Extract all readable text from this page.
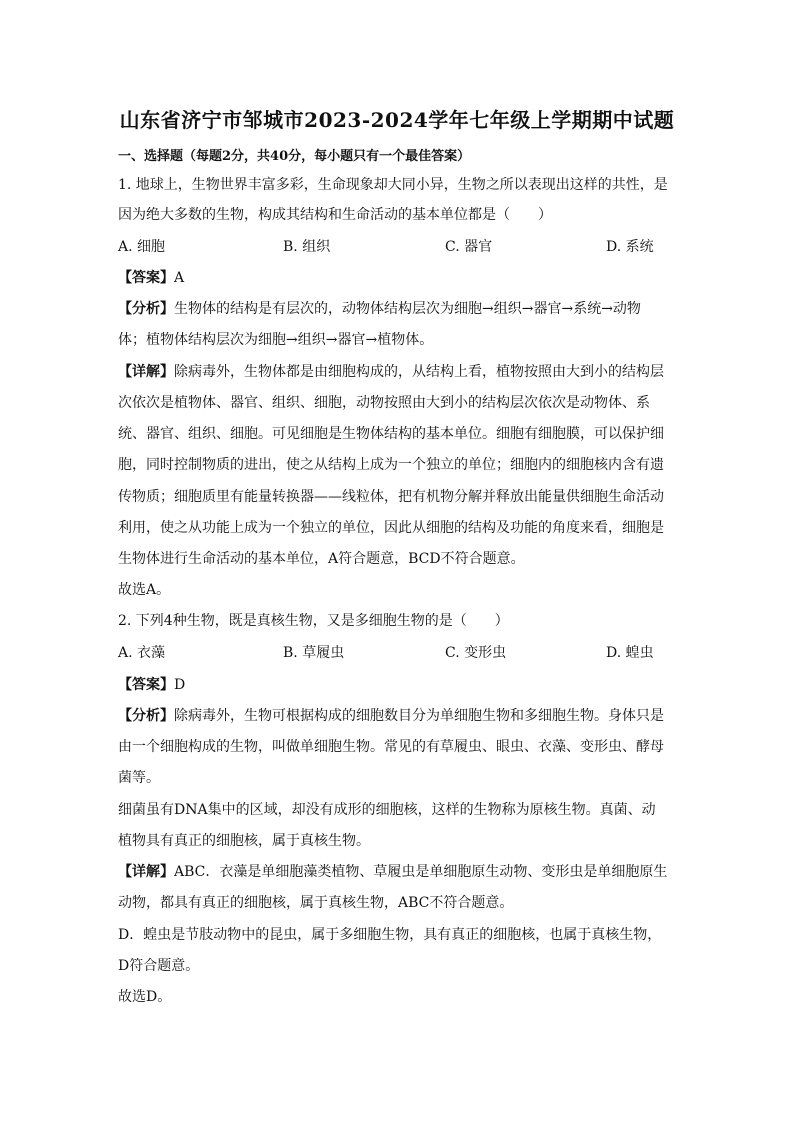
山东省济宁市邹城市2023-2024学年七年级上学期期中试题
一、选择题（每题2分，共40分，每小题只有一个最佳答案）
1. 地球上，生物世界丰富多彩，生命现象却大同小异，生物之所以表现出这样的共性，是
因为绝大多数的生物，构成其结构和生命活动的基本单位都是（　　）
A. 细胞	B. 组织	C. 器官	D. 系统
【答案】A
【分析】生物体的结构是有层次的，动物体结构层次为细胞→组织→器官→系统→动物
体；植物体结构层次为细胞→组织→器官→植物体。
【详解】除病毒外，生物体都是由细胞构成的，从结构上看，植物按照由大到小的结构层
次依次是植物体、器官、组织、细胞，动物按照由大到小的结构层次依次是动物体、系
统、器官、组织、细胞。可见细胞是生物体结构的基本单位。细胞有细胞膜，可以保护细
胞，同时控制物质的进出，使之从结构上成为一个独立的单位；细胞内的细胞核内含有遗
传物质；细胞质里有能量转换器——线粒体，把有机物分解并释放出能量供细胞生命活动
利用，使之从功能上成为一个独立的单位，因此从细胞的结构及功能的角度来看，细胞是
生物体进行生命活动的基本单位，A符合题意，BCD不符合题意。
故选A。
2. 下列4种生物，既是真核生物，又是多细胞生物的是（　　）
A. 衣藻	B. 草履虫	C. 变形虫	D. 蝗虫
【答案】D
【分析】除病毒外，生物可根据构成的细胞数目分为单细胞生物和多细胞生物。身体只是
由一个细胞构成的生物，叫做单细胞生物。常见的有草履虫、眼虫、衣藻、变形虫、酵母
菌等。
细菌虽有DNA集中的区域，却没有成形的细胞核，这样的生物称为原核生物。真菌、动
植物具有真正的细胞核，属于真核生物。
【详解】ABC．衣藻是单细胞藻类植物、草履虫是单细胞原生动物、变形虫是单细胞原生
动物，都具有真正的细胞核，属于真核生物，ABC不符合题意。
D．蝗虫是节肢动物中的昆虫，属于多细胞生物，具有真正的细胞核，也属于真核生物，
D符合题意。
故选D。
